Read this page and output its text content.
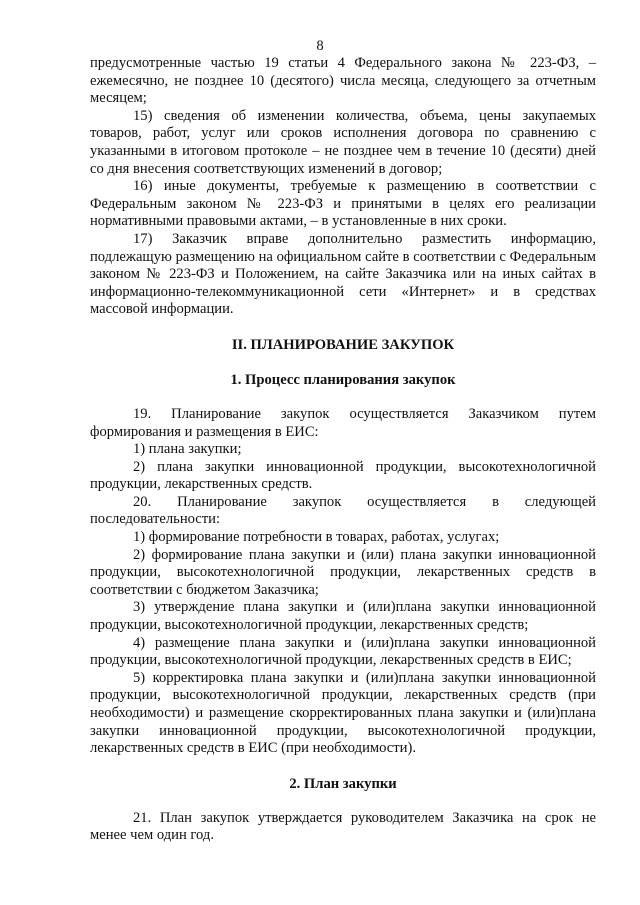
8

предусмотренные частью 19 статьи 4 Федерального закона № 223-ФЗ, – ежемесячно, не позднее 10 (десятого) числа месяца, следующего за отчетным месяцем;

15) сведения об изменении количества, объема, цены закупаемых товаров, работ, услуг или сроков исполнения договора по сравнению с указанными в итоговом протоколе – не позднее чем в течение 10 (десяти) дней со дня внесения соответствующих изменений в договор;

16) иные документы, требуемые к размещению в соответствии с Федеральным законом № 223-ФЗ и принятыми в целях его реализации нормативными правовыми актами, – в установленные в них сроки.

17) Заказчик вправе дополнительно разместить информацию, подлежащую размещению на официальном сайте в соответствии с Федеральным законом № 223-ФЗ и Положением, на сайте Заказчика или на иных сайтах в информационно-телекоммуникационной сети «Интернет» и в средствах массовой информации.

II. ПЛАНИРОВАНИЕ ЗАКУПОК

1. Процесс планирования закупок

19. Планирование закупок осуществляется Заказчиком путем формирования и размещения в ЕИС:

1) плана закупки;

2) плана закупки инновационной продукции, высокотехнологичной продукции, лекарственных средств.

20. Планирование закупок осуществляется в следующей последовательности:

1) формирование потребности в товарах, работах, услугах;

2) формирование плана закупки и (или) плана закупки инновационной продукции, высокотехнологичной продукции, лекарственных средств в соответствии с бюджетом Заказчика;

3) утверждение плана закупки и (или)плана закупки инновационной продукции, высокотехнологичной продукции, лекарственных средств;

4) размещение плана закупки и (или)плана закупки инновационной продукции, высокотехнологичной продукции, лекарственных средств в ЕИС;

5) корректировка плана закупки и (или)плана закупки инновационной продукции, высокотехнологичной продукции, лекарственных средств (при необходимости) и размещение скорректированных плана закупки и (или)плана закупки инновационной продукции, высокотехнологичной продукции, лекарственных средств в ЕИС (при необходимости).

2. План закупки

21. План закупок утверждается руководителем Заказчика на срок не менее чем один год.
